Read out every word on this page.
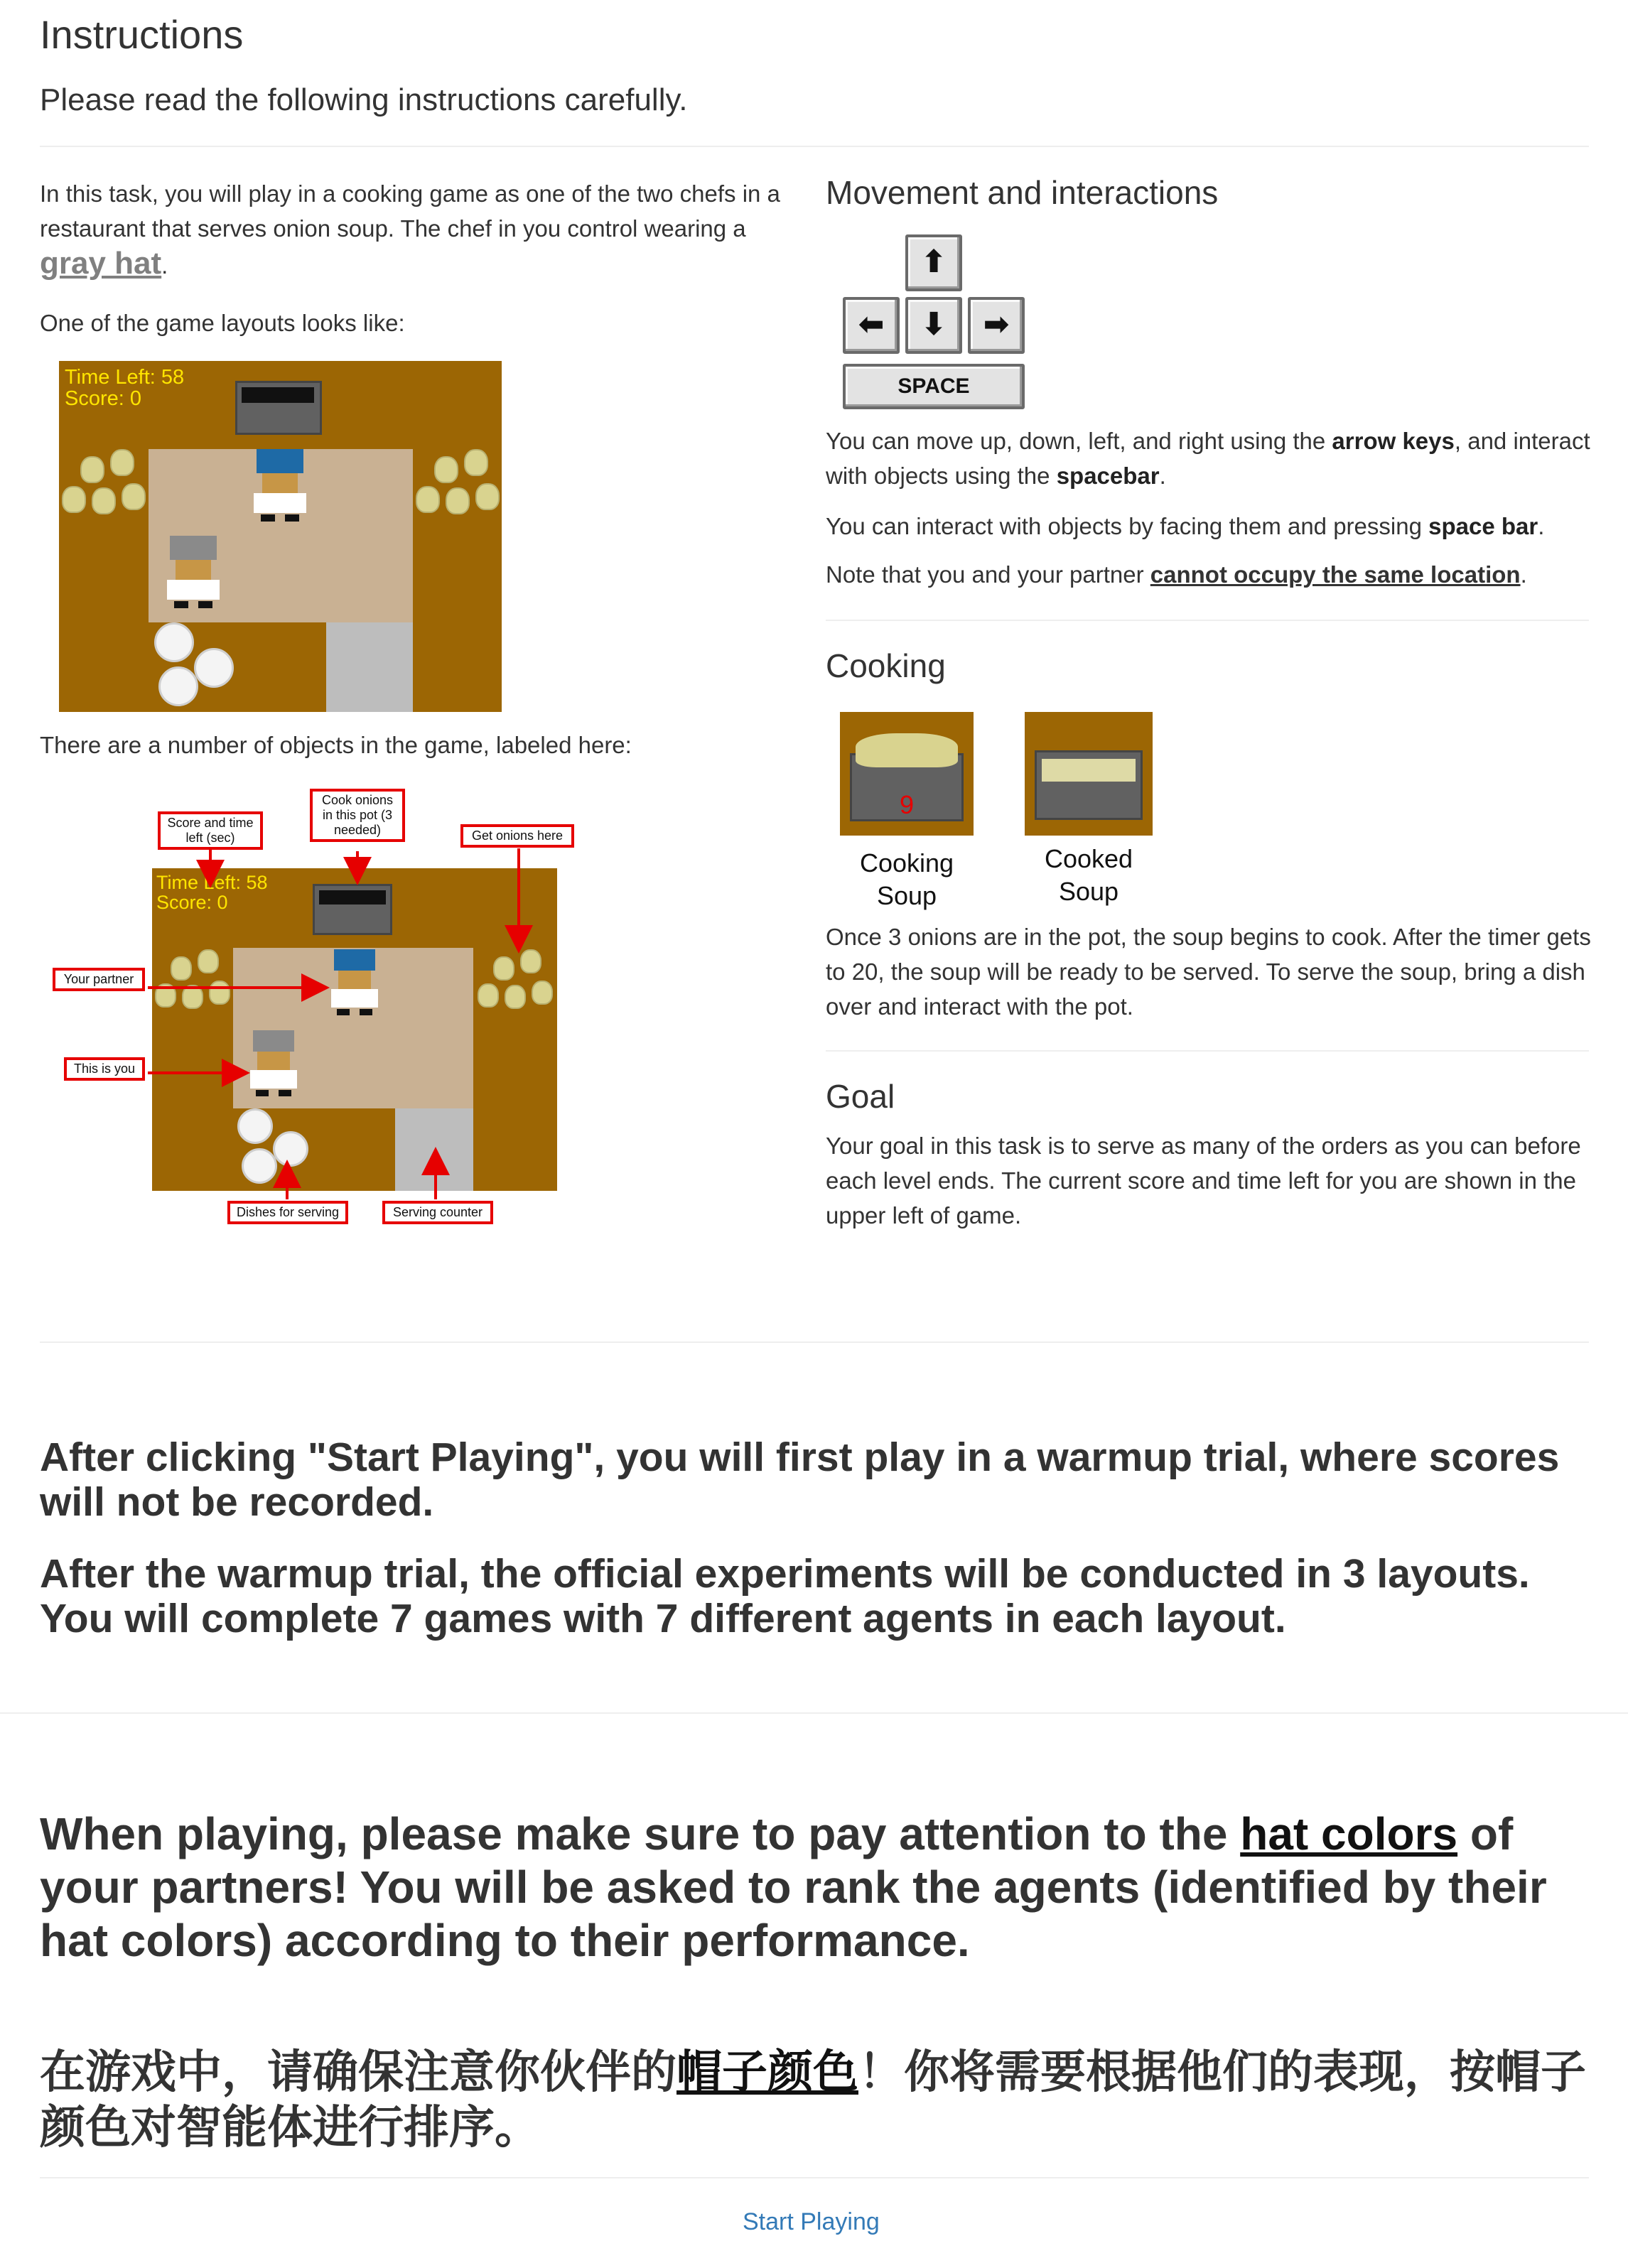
Instructions
Please read the following instructions carefully.
In this task, you will play in a cooking game as one of the two chefs in a restaurant that serves onion soup. The chef in you control wearing a gray hat.
One of the game layouts looks like:
Time Left: 58
Score: 0
There are a number of objects in the game, labeled here:
Time Left: 58
Score: 0
Score and time left (sec)
Cook onions in this pot (3 needed)	Get onions here
Your partner
This is you
Dishes for serving	Serving counter
Movement and interactions
⬆
⬅	⬇	➡
SPACE
You can move up, down, left, and right using the arrow keys, and interact with objects using the spacebar.
You can interact with objects by facing them and pressing space bar.
Note that you and your partner cannot occupy the same location.
Cooking
9
Cooking Soup
Cooked Soup
Once 3 onions are in the pot, the soup begins to cook. After the timer gets to 20, the soup will be ready to be served. To serve the soup, bring a dish over and interact with the pot.
Goal
Your goal in this task is to serve as many of the orders as you can before each level ends. The current score and time left for you are shown in the upper left of game.
After clicking "Start Playing", you will first play in a warmup trial, where scores will not be recorded.
After the warmup trial, the official experiments will be conducted in 3 layouts. You will complete 7 games with 7 different agents in each layout.
When playing, please make sure to pay attention to the hat colors of your partners! You will be asked to rank the agents (identified by their hat colors) according to their performance.
在游戏中，请确保注意你伙伴的帽子颜色！你将需要根据他们的表现，按帽子颜色对智能体进行排序。
Start Playing
